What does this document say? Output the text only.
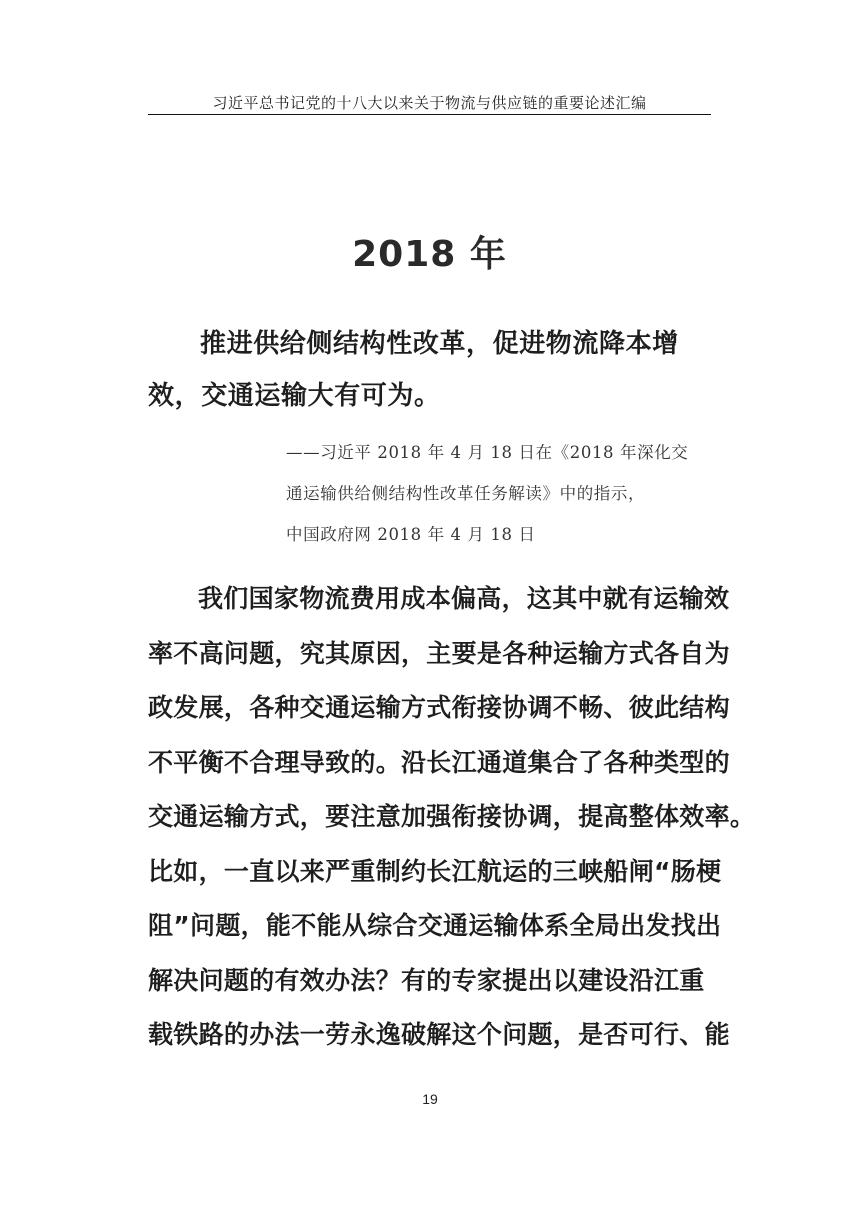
习近平总书记党的十八大以来关于物流与供应链的重要论述汇编
2018 年

推进供给侧结构性改革，促进物流降本增效，交通运输大有可为。

——习近平 2018 年 4 月 18 日在《2018 年深化交
通运输供给侧结构性改革任务解读》中的指示，
中国政府网 2018 年 4 月 18 日

我们国家物流费用成本偏高，这其中就有运输效
率不高问题，究其原因，主要是各种运输方式各自为
政发展，各种交通运输方式衔接协调不畅、彼此结构
不平衡不合理导致的。沿长江通道集合了各种类型的
交通运输方式，要注意加强衔接协调，提高整体效率。
比如，一直以来严重制约长江航运的三峡船闸“肠梗
阻”问题，能不能从综合交通运输体系全局出发找出
解决问题的有效办法？有的专家提出以建设沿江重
载铁路的办法一劳永逸破解这个问题，是否可行、能

19
